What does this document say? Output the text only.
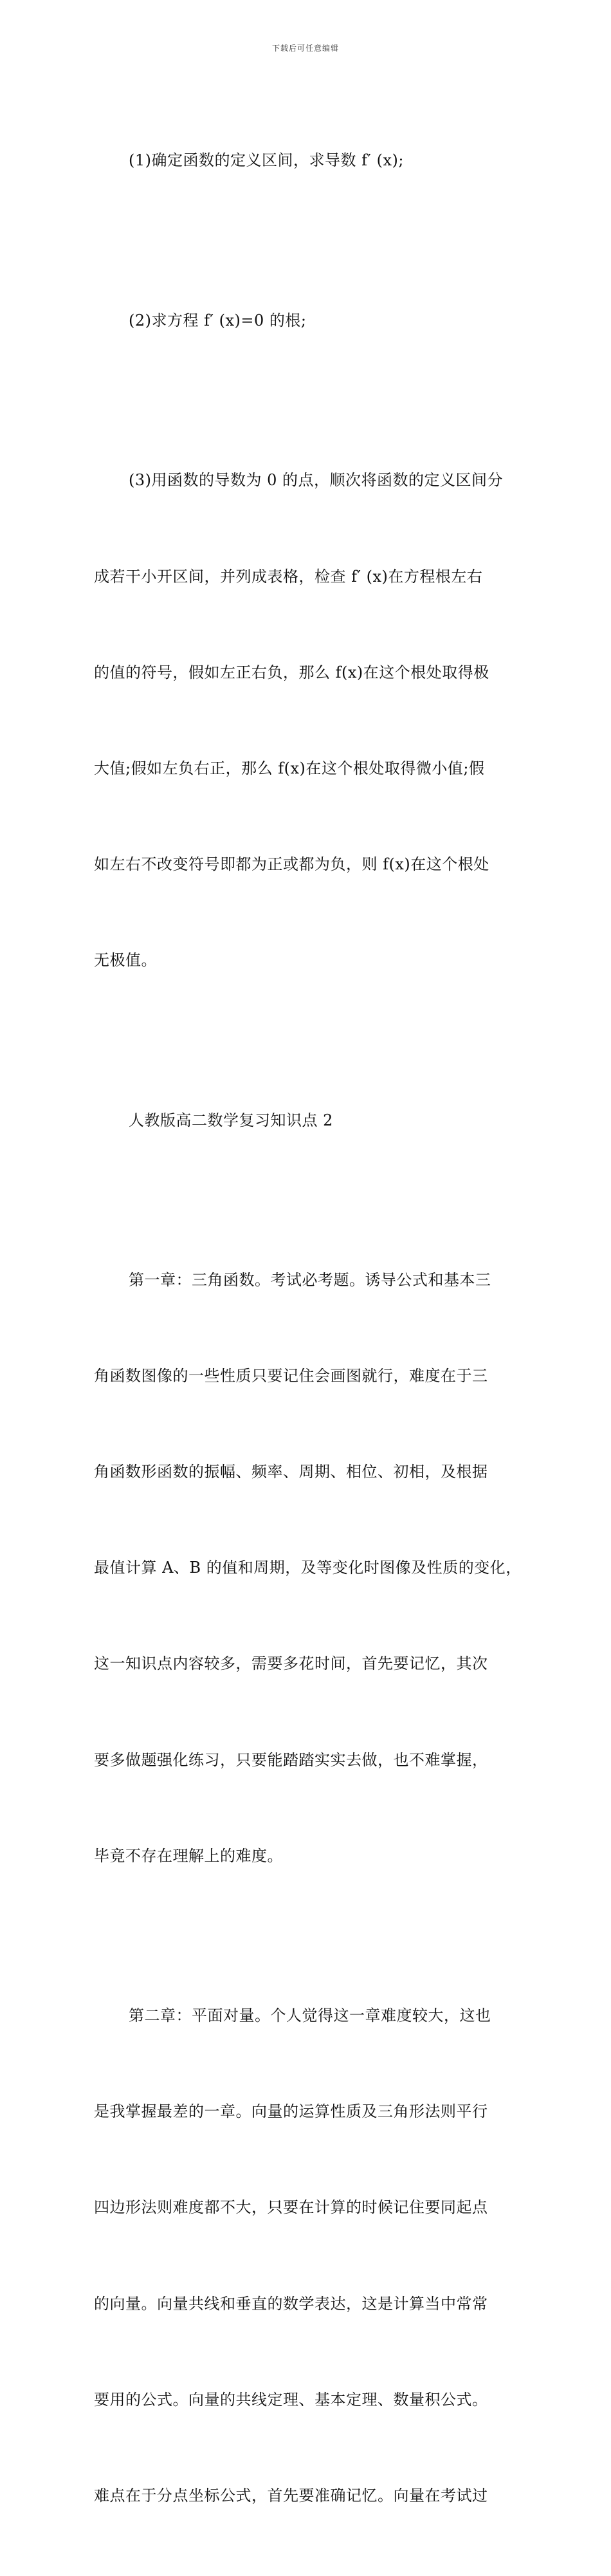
下载后可任意编辑

(1)确定函数的定义区间，求导数 f′ (x);

(2)求方程 f′ (x)=0 的根;

(3)用函数的导数为 0 的点，顺次将函数的定义区间分

成若干小开区间，并列成表格，检查 f′ (x)在方程根左右

的值的符号，假如左正右负，那么 f(x)在这个根处取得极

大值;假如左负右正，那么 f(x)在这个根处取得微小值;假

如左右不改变符号即都为正或都为负，则 f(x)在这个根处

无极值。

人教版高二数学复习知识点 2

第一章：三角函数。考试必考题。诱导公式和基本三

角函数图像的一些性质只要记住会画图就行，难度在于三

角函数形函数的振幅、频率、周期、相位、初相，及根据

最值计算 A、B 的值和周期，及等变化时图像及性质的变化，

这一知识点内容较多，需要多花时间，首先要记忆，其次

要多做题强化练习，只要能踏踏实实去做，也不难掌握，

毕竟不存在理解上的难度。

第二章：平面对量。个人觉得这一章难度较大，这也

是我掌握最差的一章。向量的运算性质及三角形法则平行

四边形法则难度都不大，只要在计算的时候记住要同起点

的向量。向量共线和垂直的数学表达，这是计算当中常常

要用的公式。向量的共线定理、基本定理、数量积公式。

难点在于分点坐标公式，首先要准确记忆。向量在考试过
